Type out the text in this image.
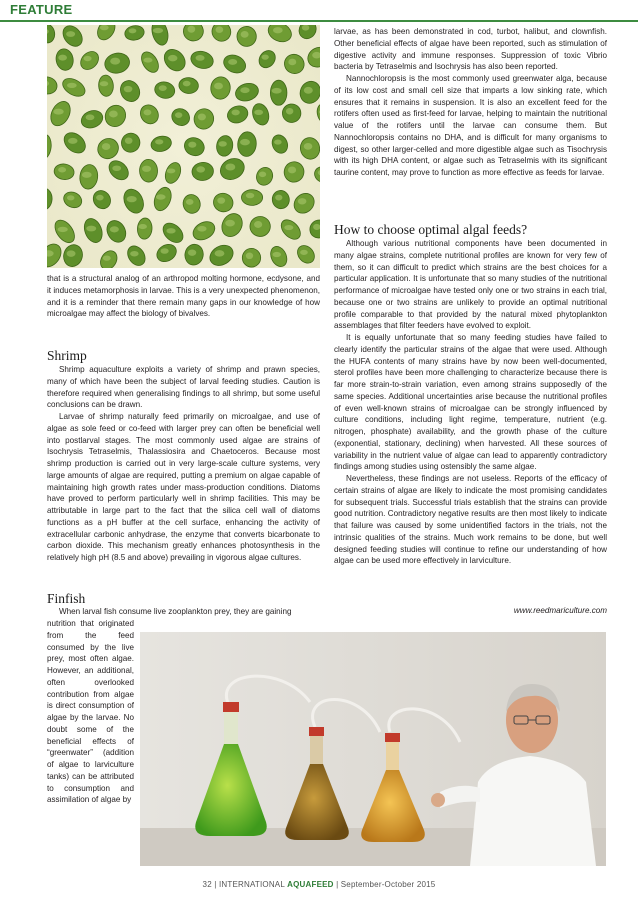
FEATURE

that is a structural analog of an arthropod molting hormone, ecdysone, and it induces metamorphosis in larvae. This is a very unexpected phenomenon, and it is a reminder that there remain many gaps in our knowledge of how microalgae may affect the biology of bivalves.

Shrimp

Shrimp aquaculture exploits a variety of shrimp and prawn species, many of which have been the subject of larval feeding studies. Caution is therefore required when generalising findings to all shrimp, but some useful conclusions can be drawn.

Larvae of shrimp naturally feed primarily on microalgae, and use of algae as sole feed or co-feed with larger prey can often be beneficial well into postlarval stages. The most commonly used algae are strains of Isochrysis Tetraselmis, Thalassiosira and Chaetoceros. Because most shrimp production is carried out in very large-scale culture systems, very large amounts of algae are required, putting a premium on algae capable of maintaining high growth rates under mass-production conditions. Diatoms have proved to perform particularly well in shrimp facilities. This may be attributable in large part to the fact that the silica cell wall of diatoms functions as a pH buffer at the cell surface, enhancing the activity of extracellular carbonic anhydrase, the enzyme that converts bicarbonate to carbon dioxide. This mechanism greatly enhances photosynthesis in the relatively high pH (8.5 and above) prevailing in vigorous algae cultures.

Finfish
When larval fish consume live zooplankton prey, they are gaining
nutrition that originated from the feed consumed by the live prey, most often algae. However, an additional, often overlooked contribution from algae is direct consumption of algae by the larvae. No doubt some of the beneficial effects of “greenwater” (addition of algae to larviculture tanks) can be attributed to consumption and assimilation of algae by

larvae, as has been demonstrated in cod, turbot, halibut, and clownfish. Other beneficial effects of algae have been reported, such as stimulation of digestive activity and immune responses. Suppression of toxic Vibrio bacteria by Tetraselmis and Isochrysis has also been reported.

Nannochloropsis is the most commonly used greenwater alga, because of its low cost and small cell size that imparts a low sinking rate, which ensures that it remains in suspension. It is also an excellent feed for the rotifers often used as first-feed for larvae, helping to maintain the nutritional value of the rotifers until the larvae can consume them. But Nannochloropsis contains no DHA, and is difficult for many organisms to digest, so other larger-celled and more digestible algae such as Tisochrysis with its high DHA content, or algae such as Tetraselmis with its significant taurine content, may prove to function as more effective as feeds for larvae.

How to choose optimal algal feeds?

Although various nutritional components have been documented in many algae strains, complete nutritional profiles are known for very few of them, so it can difficult to predict which strains are the best choices for a particular application. It is unfortunate that so many studies of the nutritional performance of microalgae have tested only one or two strains in each trial, because one or two strains are unlikely to provide an optimal nutritional profile comparable to that provided by the natural mixed phytoplankton assemblages that filter feeders have evolved to exploit.

It is equally unfortunate that so many feeding studies have failed to clearly identify the particular strains of the algae that were used. Although the HUFA contents of many strains have by now been well-documented, sterol profiles have been more challenging to characterize because there is far more strain-to-strain variation, even among strains supposedly of the same species. Additional uncertainties arise because the nutritional profiles of even well-known strains of microalgae can be strongly influenced by culture conditions, including light regime, temperature, nutrient (e.g. nitrogen, phosphate) availability, and the growth phase of the culture (exponential, stationary, declining) when harvested. All these sources of variability in the nutrient value of algae can lead to apparently contradictory findings among studies using ostensibly the same algae.

Nevertheless, these findings are not useless. Reports of the efficacy of certain strains of algae are likely to indicate the most promising candidates for subsequent trials. Successful trials establish that the strains can provide good nutrition. Contradictory negative results are then most likely to indicate that failure was caused by some unidentified factors in the trials, not the intrinsic qualities of the strains. Much work remains to be done, but well designed feeding studies will continue to refine our understanding of how algae can be used more effectively in larviculture.

www.reedmariculture.com
32 | INTERNATIONAL AQUAFEED | September-October 2015
